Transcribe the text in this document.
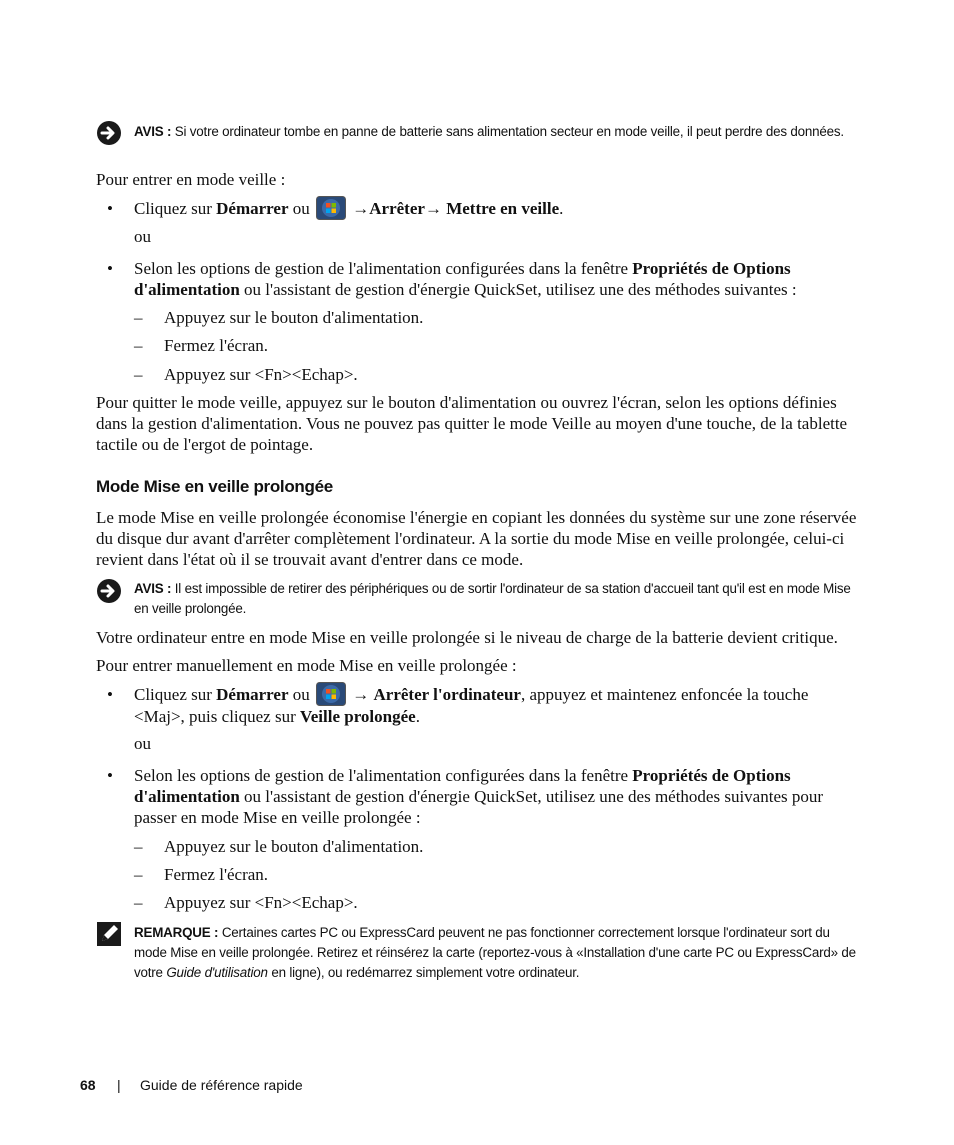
AVIS : Si votre ordinateur tombe en panne de batterie sans alimentation secteur en mode veille, il peut perdre des données.
Pour entrer en mode veille :
• Cliquez sur Démarrer ou	→Arrêter→ Mettre en veille.
ou
• Selon les options de gestion de l'alimentation configurées dans la fenêtre Propriétés de Options d'alimentation ou l'assistant de gestion d'énergie QuickSet, utilisez une des méthodes suivantes :
– Appuyez sur le bouton d'alimentation.
– Fermez l'écran.
– Appuyez sur <Fn><Echap>.
Pour quitter le mode veille, appuyez sur le bouton d'alimentation ou ouvrez l'écran, selon les options définies dans la gestion d'alimentation. Vous ne pouvez pas quitter le mode Veille au moyen d'une touche, de la tablette tactile ou de l'ergot de pointage.
Mode Mise en veille prolongée
Le mode Mise en veille prolongée économise l'énergie en copiant les données du système sur une zone réservée du disque dur avant d'arrêter complètement l'ordinateur. A la sortie du mode Mise en veille prolongée, celui-ci revient dans l'état où il se trouvait avant d'entrer dans ce mode.
AVIS : Il est impossible de retirer des périphériques ou de sortir l'ordinateur de sa station d'accueil tant qu'il est en mode Mise en veille prolongée.
Votre ordinateur entre en mode Mise en veille prolongée si le niveau de charge de la batterie devient critique.
Pour entrer manuellement en mode Mise en veille prolongée :
• Cliquez sur Démarrer ou	→ Arrêter l'ordinateur, appuyez et maintenez enfoncée la touche <Maj>, puis cliquez sur Veille prolongée.
ou
• Selon les options de gestion de l'alimentation configurées dans la fenêtre Propriétés de Options d'alimentation ou l'assistant de gestion d'énergie QuickSet, utilisez une des méthodes suivantes pour passer en mode Mise en veille prolongée :
– Appuyez sur le bouton d'alimentation.
– Fermez l'écran.
– Appuyez sur <Fn><Echap>.
REMARQUE : Certaines cartes PC ou ExpressCard peuvent ne pas fonctionner correctement lorsque l'ordinateur sort du mode Mise en veille prolongée. Retirez et réinsérez la carte (reportez-vous à «Installation d'une carte PC ou ExpressCard» de votre Guide d'utilisation en ligne), ou redémarrez simplement votre ordinateur.
68 | Guide de référence rapide
